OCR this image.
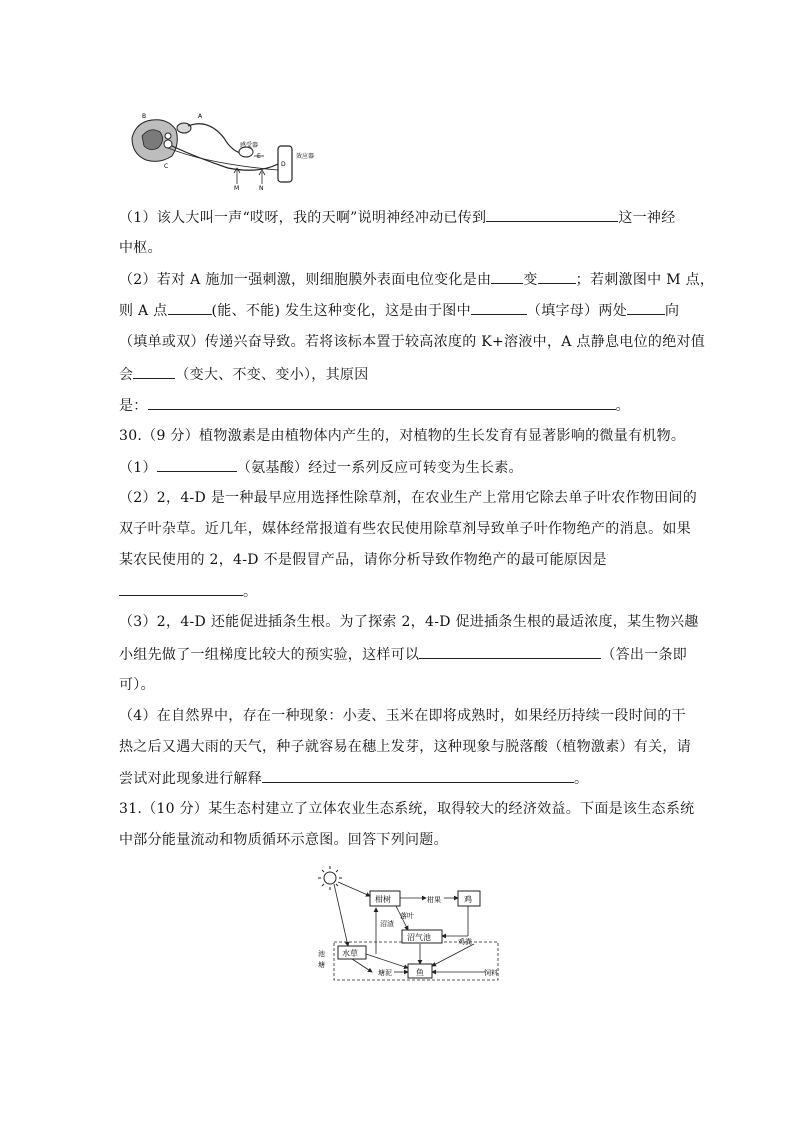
B	A
C
E
D
M	N
感受器
效应器
（1）该人大叫一声“哎呀，我的天啊”说明神经冲动已传到	这一神经
中枢。
（2）若对 A 施加一强刺激，则细胞膜外表面电位变化是由 变	；若刺激图中 M 点，
则 A 点	(能、不能) 发生这种变化，这是由于图中	（填字母）两处	向
（填单或双）传递兴奋导致。若将该标本置于较高浓度的 K+溶液中，A 点静息电位的绝对值
会	（变大、不变、变小），其原因
是：	。
30.（9 分）植物激素是由植物体内产生的，对植物的生长发育有显著影响的微量有机物。
（1）	（氨基酸）经过一系列反应可转变为生长素。
（2）2，4-D 是一种最早应用选择性除草剂，在农业生产上常用它除去单子叶农作物田间的
双子叶杂草。近几年，媒体经常报道有些农民使用除草剂导致单子叶作物绝产的消息。如果
某农民使用的 2，4-D 不是假冒产品，请你分析导致作物绝产的最可能原因是
。
（3）2，4-D 还能促进插条生根。为了探索 2，4-D 促进插条生根的最适浓度，某生物兴趣
小组先做了一组梯度比较大的预实验，这样可以	（答出一条即
可）。
（4）在自然界中，存在一种现象：小麦、玉米在即将成熟时，如果经历持续一段时间的干
热之后又遇大雨的天气，种子就容易在穗上发芽，这种现象与脱落酸（植物激素）有关，请
尝试对此现象进行解释	。
31.（10 分）某生态村建立了立体农业生态系统，取得较大的经济效益。下面是该生态系统
中部分能量流动和物质循环示意图。回答下列问题。
柑树	柑果	鸡
落叶
沼渣
沼气池	鸡粪
水草
塘泥	鱼	饲料
池
塘
